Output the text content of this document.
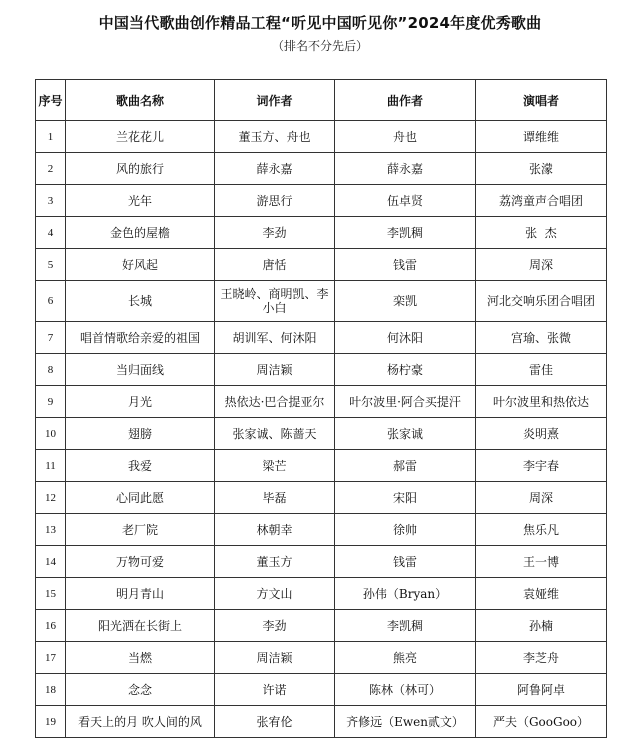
中国当代歌曲创作精品工程“听见中国听见你”2024年度优秀歌曲
（排名不分先后）
序号	歌曲名称	词作者	曲作者	演唱者
1	兰花花儿	董玉方、舟也	舟也	谭维维
2	风的旅行	薛永嘉	薛永嘉	张濛
3	光年	游思行	伍卓贤	荔湾童声合唱团
4	金色的屋檐	李劲	李凯稠	张  杰
5	好风起	唐恬	钱雷	周深
6	长城	王晓岭、商明凯、李小白	栾凯	河北交响乐团合唱团
7	唱首情歌给亲爱的祖国	胡训军、何沐阳	何沐阳	宫瑜、张微
8	当归面线	周洁颖	杨柠豪	雷佳
9	月光	热依达·巴合提亚尔	叶尔波里·阿合买提汗	叶尔波里和热依达
10	翅膀	张家诚、陈蔷天	张家诚	炎明熹
11	我爱	梁芒	郝雷	李宇春
12	心同此愿	毕磊	宋阳	周深
13	老厂院	林朝幸	徐帅	焦乐凡
14	万物可爱	董玉方	钱雷	王一博
15	明月青山	方文山	孙伟（Bryan）	袁娅维
16	阳光洒在长街上	李劲	李凯稠	孙楠
17	当燃	周洁颖	熊亮	李芝舟
18	念念	许诺	陈林（林可）	阿鲁阿卓
19	看天上的月 吹人间的风	张宥伦	齐修远（Ewen贰文）	严夫（GooGoo）
